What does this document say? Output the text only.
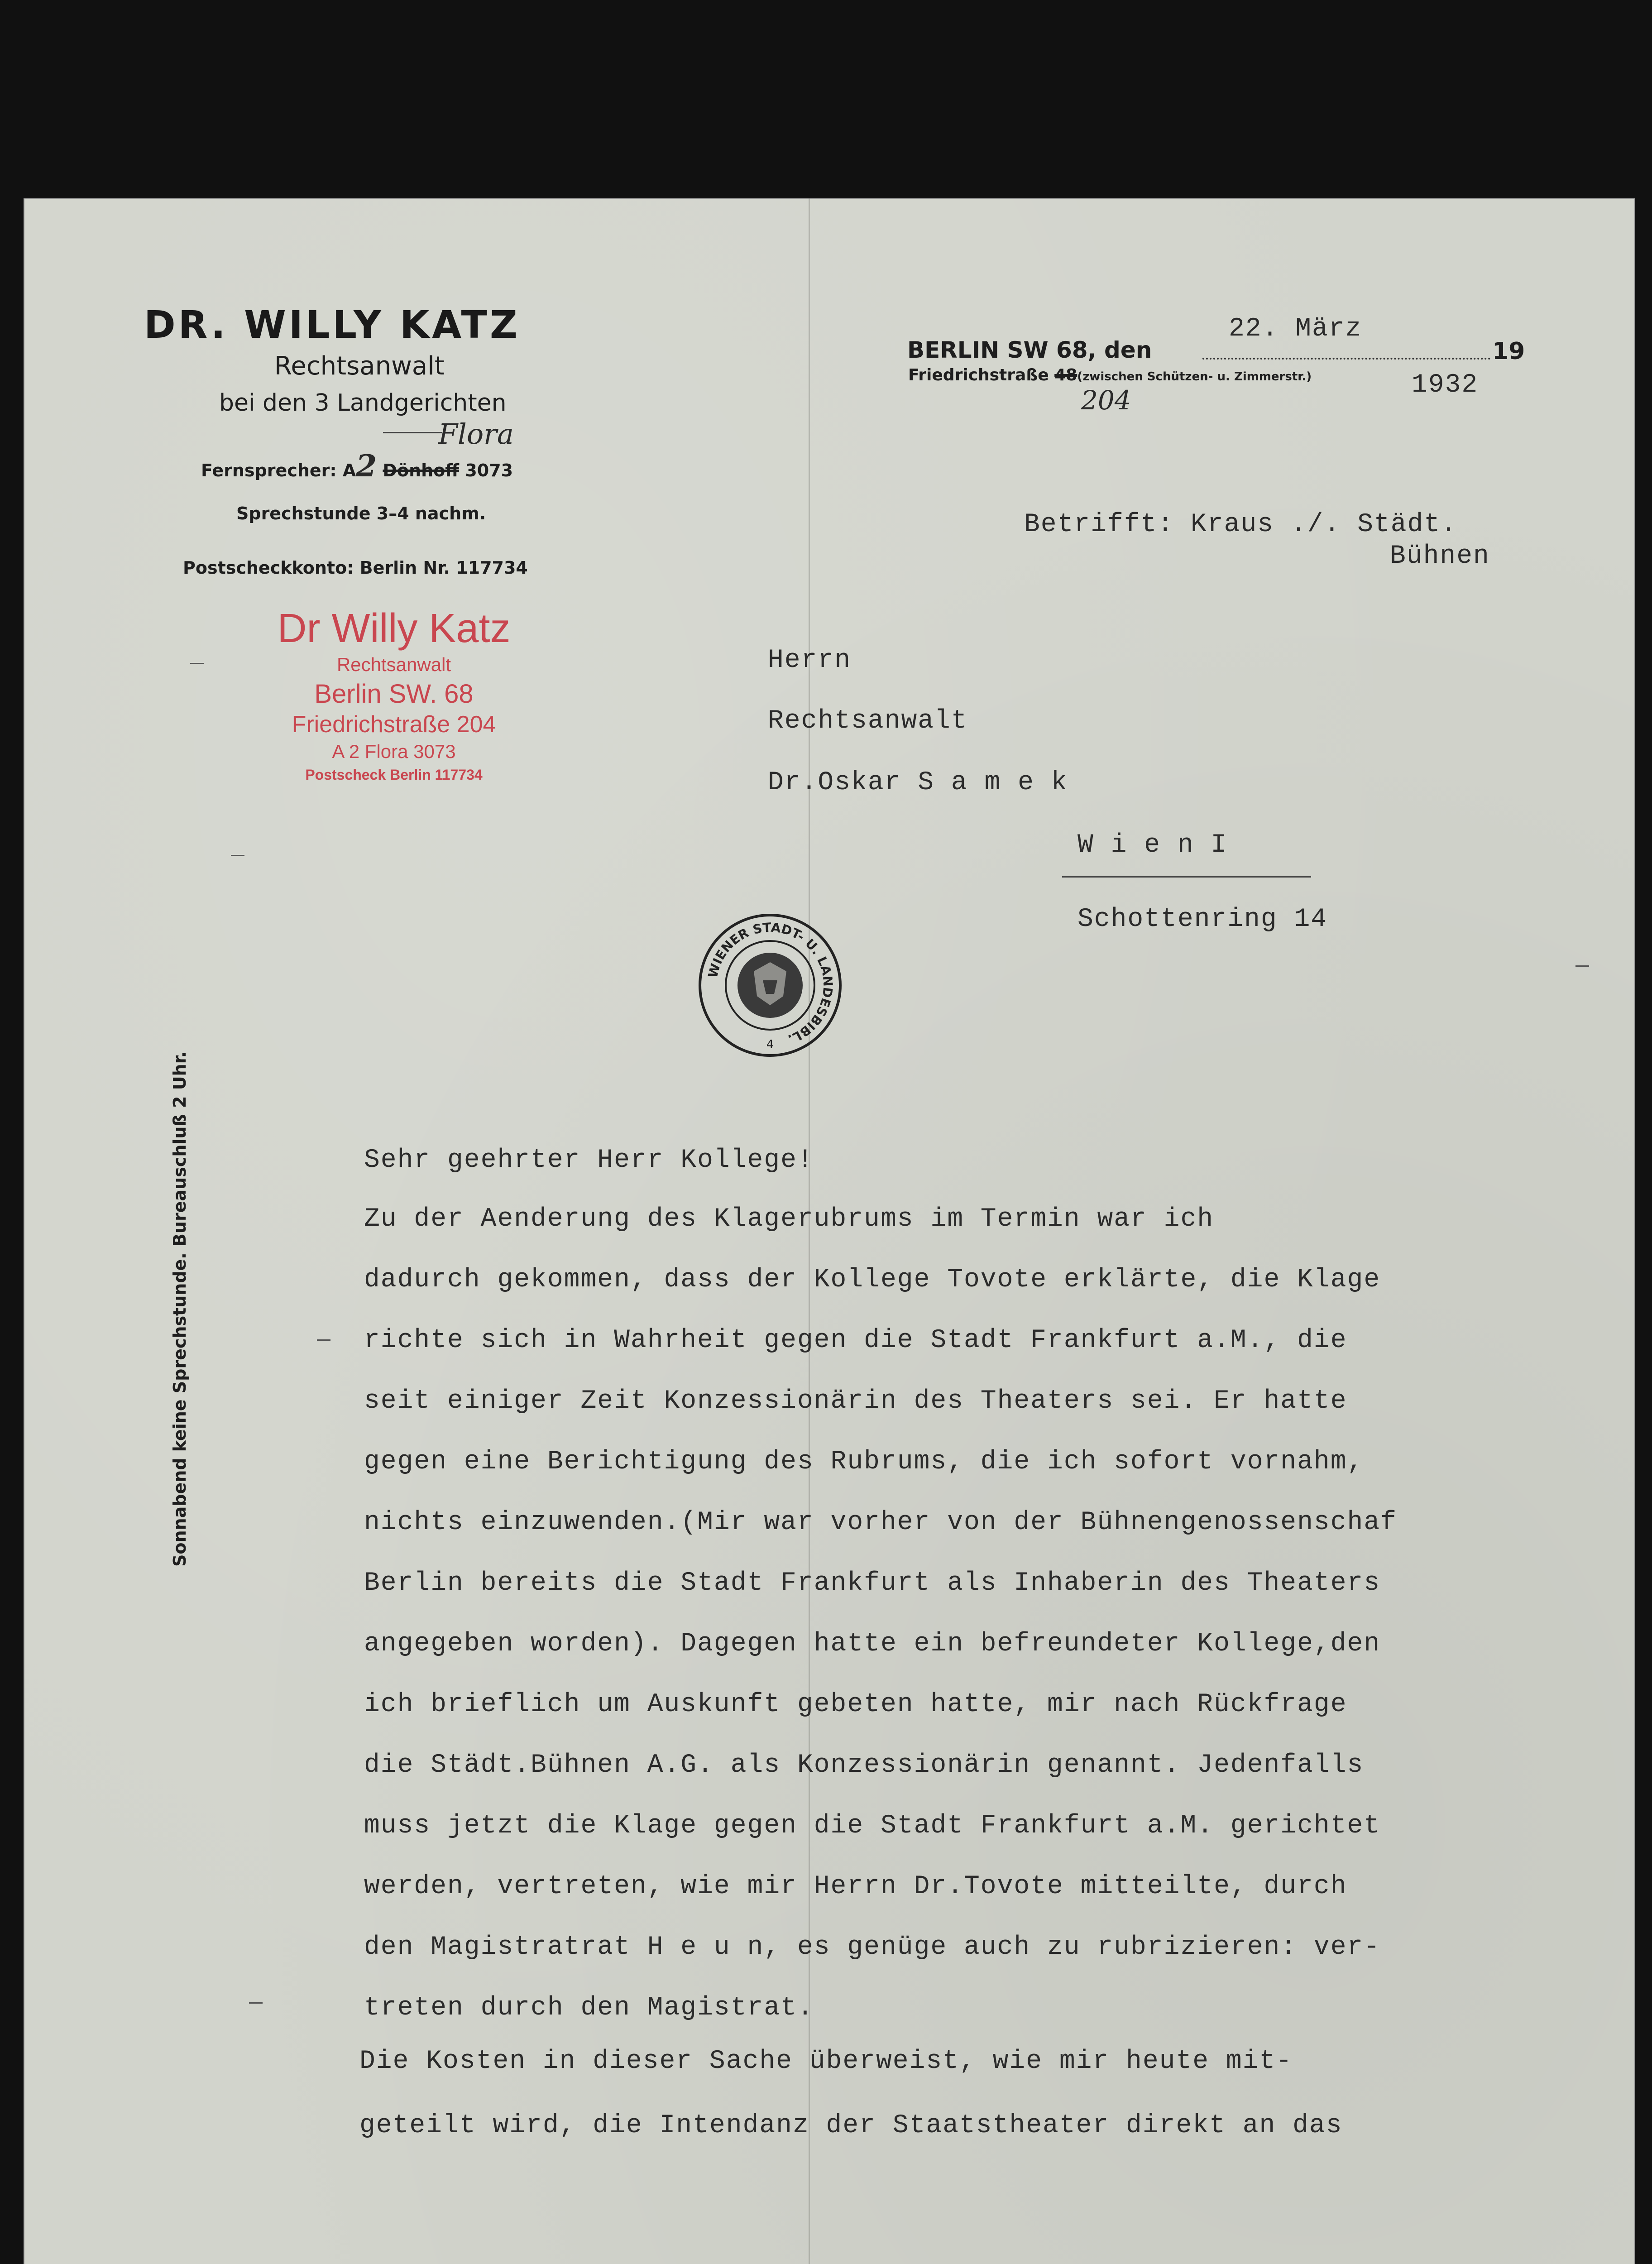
DR. WILLY KATZ
Rechtsanwalt
bei den 3 Landgerichten
Flora
Fernsprecher: A2 Dönhoff 3073
Sprechstunde 3–4 nachm.
Postscheckkonto: Berlin Nr. 117734
Dr Willy Katz
Rechtsanwalt
Berlin SW. 68
Friedrichstraße 204
A 2 Flora 3073
Postscheck Berlin 117734
BERLIN SW 68, den
22. März
19
1932
Friedrichstraße 48(zwischen Schützen- u. Zimmerstr.)
204
Betrifft: Kraus ./. Städt.
Bühnen
Herrn
Rechtsanwalt
Dr.Oskar S a m e k
W i e n I
Schottenring 14
WIENER STADT- U. LANDESBIBL.
4
Sonnabend keine Sprechstunde. Bureauschluß 2 Uhr.	Sehr geehrter Herr Kollege!
Zu der Aenderung des Klagerubrums im Termin war ich
dadurch gekommen, dass der Kollege Tovote erklärte, die Klage
richte sich in Wahrheit gegen die Stadt Frankfurt a.M., die
seit einiger Zeit Konzessionärin des Theaters sei. Er hatte
gegen eine Berichtigung des Rubrums, die ich sofort vornahm,
nichts einzuwenden.(Mir war vorher von der Bühnengenossenschaf
Berlin bereits die Stadt Frankfurt als Inhaberin des Theaters
angegeben worden). Dagegen hatte ein befreundeter Kollege,den
ich brieflich um Auskunft gebeten hatte, mir nach Rückfrage
die Städt.Bühnen A.G. als Konzessionärin genannt. Jedenfalls
muss jetzt die Klage gegen die Stadt Frankfurt a.M. gerichtet
werden, vertreten, wie mir Herrn Dr.Tovote mitteilte, durch
den Magistratrat H e u n, es genüge auch zu rubrizieren: ver-
treten durch den Magistrat.
Die Kosten in dieser Sache überweist, wie mir heute mit-
geteilt wird, die Intendanz der Staatstheater direkt an das
